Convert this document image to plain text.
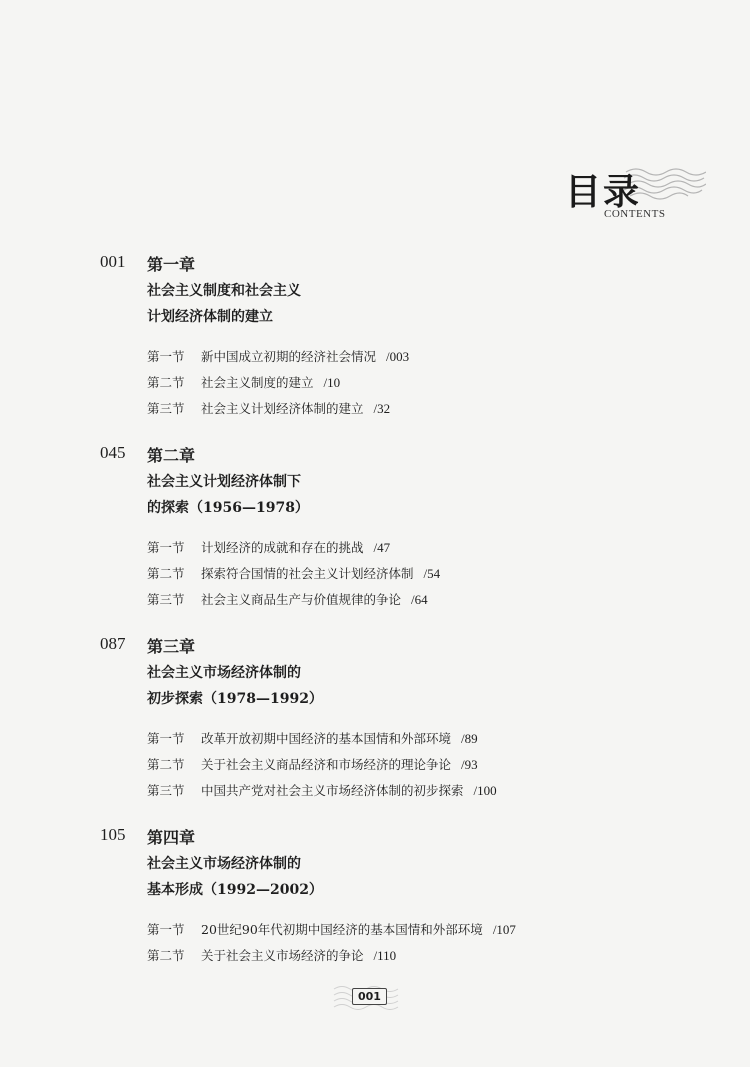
目录
CONTENTS
001 第一章
社会主义制度和社会主义
计划经济体制的建立
第一节 新中国成立初期的经济社会情况 /003
第二节 社会主义制度的建立 /10
第三节 社会主义计划经济体制的建立 /32
045 第二章
社会主义计划经济体制下
的探索（1956—1978）
第一节 计划经济的成就和存在的挑战 /47
第二节 探索符合国情的社会主义计划经济体制 /54
第三节 社会主义商品生产与价值规律的争论 /64
087 第三章
社会主义市场经济体制的
初步探索（1978—1992）
第一节 改革开放初期中国经济的基本国情和外部环境 /89
第二节 关于社会主义商品经济和市场经济的理论争论 /93
第三节 中国共产党对社会主义市场经济体制的初步探索 /100
105 第四章
社会主义市场经济体制的
基本形成（1992—2002）
第一节 20世纪90年代初期中国经济的基本国情和外部环境 /107
第二节 关于社会主义市场经济的争论 /110
001
